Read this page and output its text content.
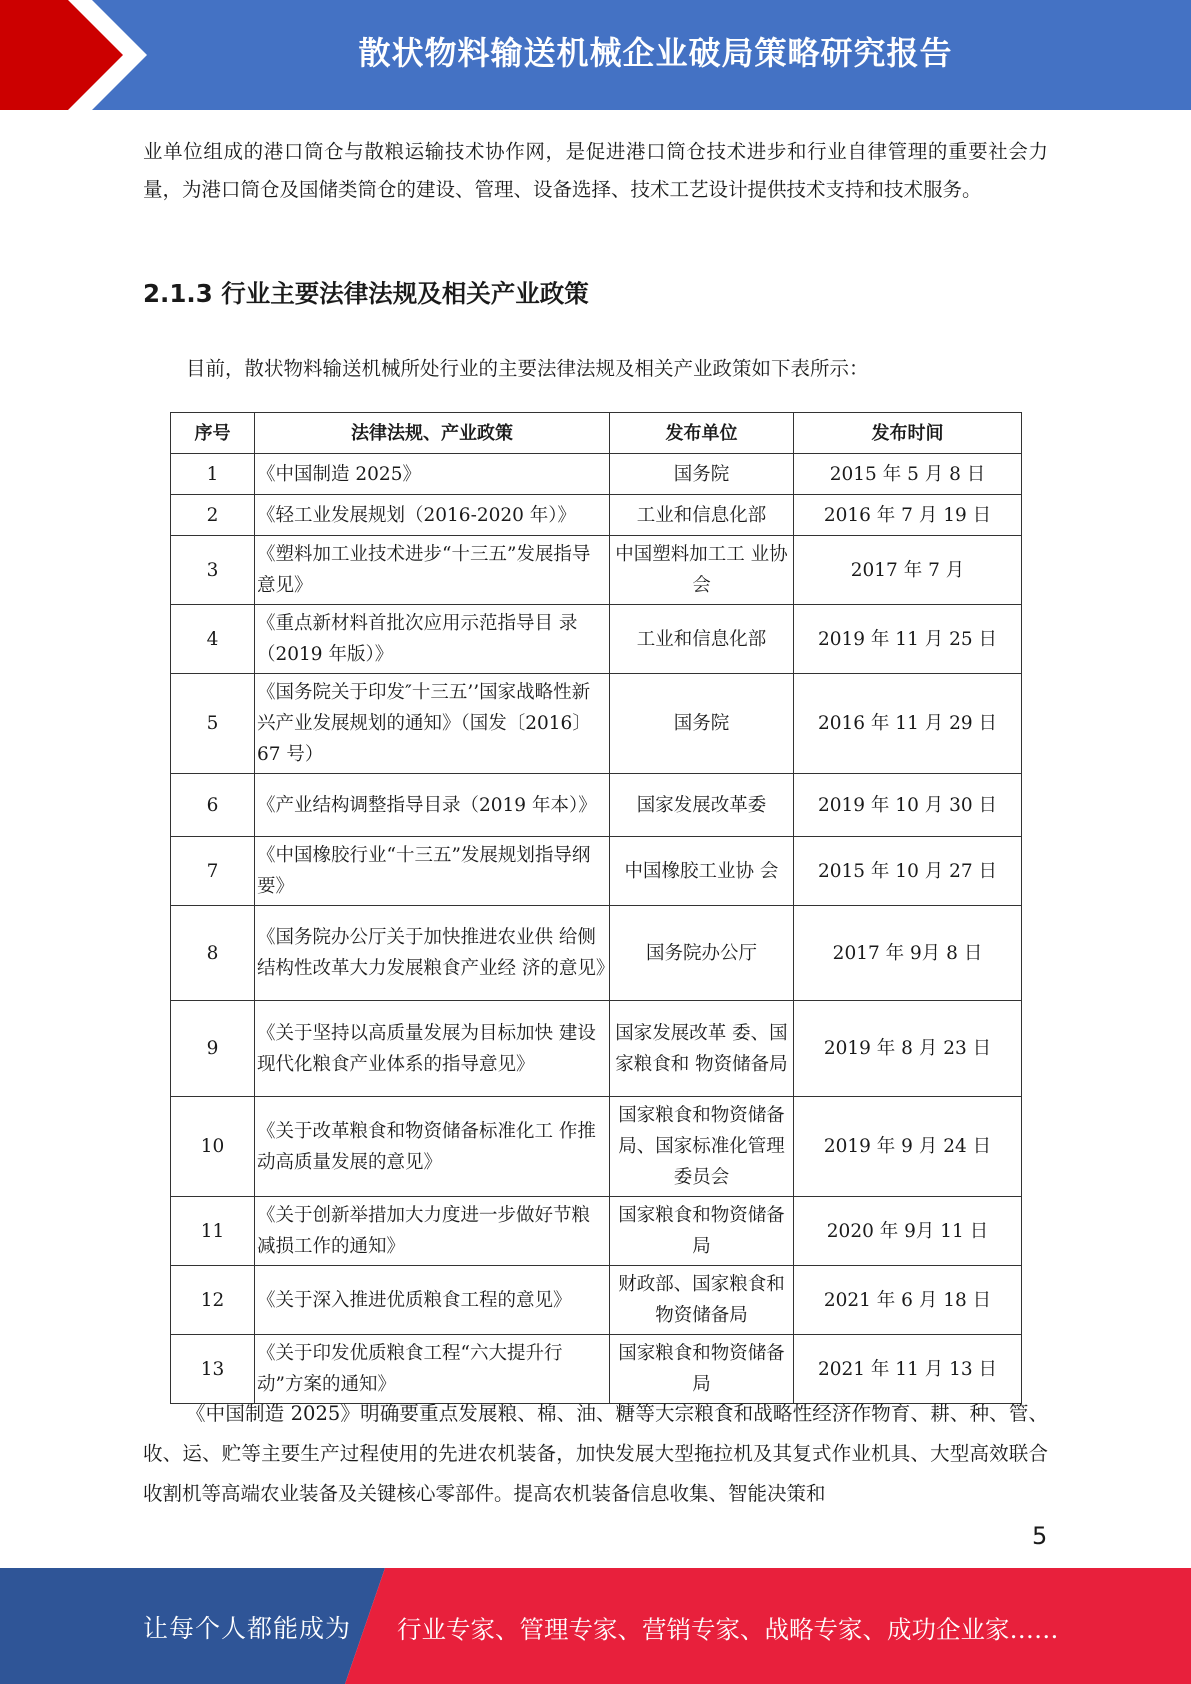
散状物料输送机械企业破局策略研究报告

业单位组成的港口筒仓与散粮运输技术协作网，是促进港口筒仓技术进步和行业自律管理的重要社会力量，为港口筒仓及国储类筒仓的建设、管理、设备选择、技术工艺设计提供技术支持和技术服务。

2.1.3 行业主要法律法规及相关产业政策

目前，散状物料输送机械所处行业的主要法律法规及相关产业政策如下表所示：

序号	法律法规、产业政策	发布单位	发布时间
1	《中国制造 2025》	国务院	2015 年 5 月 8 日
2	《轻工业发展规划（2016-2020 年）》	工业和信息化部	2016 年 7 月 19 日
3	《塑料加工业技术进步“十三五”发展指导意见》	中国塑料加工工 业协会	2017 年 7 月
4	《重点新材料首批次应用示范指导目 录（2019 年版）》	工业和信息化部	2019 年 11 月 25 日
5	《国务院关于印发″十三五’’国家战略性新兴产业发展规划的通知》（国发〔2016〕 67 号）	国务院	2016 年 11 月 29 日
6	《产业结构调整指导目录（2019 年本）》	国家发展改革委	2019 年 10 月 30 日
7	《中国橡胶行业“十三五”发展规划指导纲要》	中国橡胶工业协 会	2015 年 10 月 27 日
8	《国务院办公厅关于加快推进农业供 给侧结构性改革大力发展粮食产业经 济的意见》	国务院办公厅	2017 年 9月 8 日
9	《关于坚持以高质量发展为目标加快 建设现代化粮食产业体系的指导意见》	国家发展改革 委、国家粮食和 物资储备局	2019 年 8 月 23 日
10	《关于改革粮食和物资储备标准化工 作推动高质量发展的意见》	国家粮食和物资储备局、国家标准化管理委员会	2019 年 9 月 24 日
11	《关于创新举措加大力度进一步做好节粮减损工作的通知》	国家粮食和物资储备局	2020 年 9月 11 日
12	《关于深入推进优质粮食工程的意见》	财政部、国家粮食和物资储备局	2021 年 6 月 18 日
13	《关于印发优质粮食工程“六大提升行动”方案的通知》	国家粮食和物资储备局	2021 年 11 月 13 日

《中国制造 2025》明确要重点发展粮、棉、油、糖等大宗粮食和战略性经济作物育、耕、种、管、收、运、贮等主要生产过程使用的先进农机装备，加快发展大型拖拉机及其复式作业机具、大型高效联合收割机等高端农业装备及关键核心零部件。提高农机装备信息收集、智能决策和

5
让每个人都能成为 行业专家、管理专家、营销专家、战略专家、成功企业家……
